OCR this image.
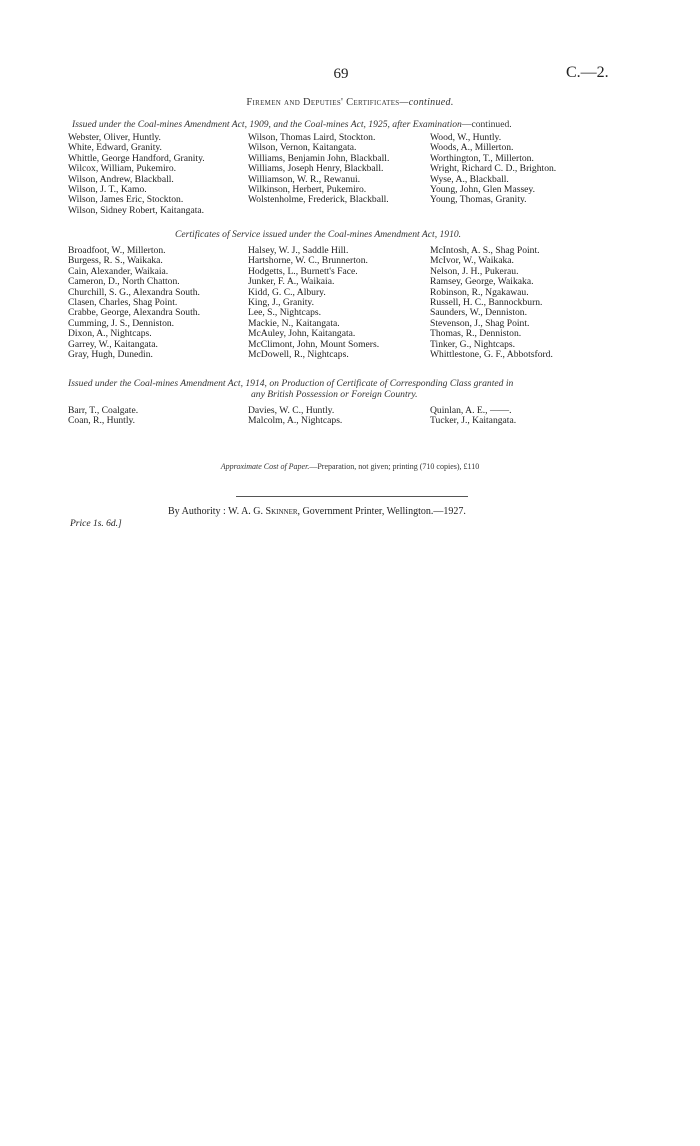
69	C.—2.
Firemen and Deputies' Certificates—continued.
Issued under the Coal-mines Amendment Act, 1909, and the Coal-mines Act, 1925, after Examination—continued.
Webster, Oliver, Huntly.
White, Edward, Granity.
Whittle, George Handford, Granity.
Wilcox, William, Pukemiro.
Wilson, Andrew, Blackball.
Wilson, J. T., Kamo.
Wilson, James Eric, Stockton.
Wilson, Sidney Robert, Kaitangata.
Wilson, Thomas Laird, Stockton.
Wilson, Vernon, Kaitangata.
Williams, Benjamin John, Blackball.
Williams, Joseph Henry, Blackball.
Williamson, W. R., Rewanui.
Wilkinson, Herbert, Pukemiro.
Wolstenholme, Frederick, Blackball.
Wood, W., Huntly.
Woods, A., Millerton.
Worthington, T., Millerton.
Wright, Richard C. D., Brighton.
Wyse, A., Blackball.
Young, John, Glen Massey.
Young, Thomas, Granity.
Certificates of Service issued under the Coal-mines Amendment Act, 1910.
Broadfoot, W., Millerton.
Burgess, R. S., Waikaka.
Cain, Alexander, Waikaia.
Cameron, D., North Chatton.
Churchill, S. G., Alexandra South.
Clasen, Charles, Shag Point.
Crabbe, George, Alexandra South.
Cumming, J. S., Denniston.
Dixon, A., Nightcaps.
Garrey, W., Kaitangata.
Gray, Hugh, Dunedin.
Halsey, W. J., Saddle Hill.
Hartshorne, W. C., Brunnerton.
Hodgetts, L., Burnett's Face.
Junker, F. A., Waikaia.
Kidd, G. C., Albury.
King, J., Granity.
Lee, S., Nightcaps.
Mackie, N., Kaitangata.
McAuley, John, Kaitangata.
McClimont, John, Mount Somers.
McDowell, R., Nightcaps.
McIntosh, A. S., Shag Point.
McIvor, W., Waikaka.
Nelson, J. H., Pukerau.
Ramsey, George, Waikaka.
Robinson, R., Ngakawau.
Russell, H. C., Bannockburn.
Saunders, W., Denniston.
Stevenson, J., Shag Point.
Thomas, R., Denniston.
Tinker, G., Nightcaps.
Whittlestone, G. F., Abbotsford.
Issued under the Coal-mines Amendment Act, 1914, on Production of Certificate of Corresponding Class granted in
any British Possession or Foreign Country.
Barr, T., Coalgate.
Coan, R., Huntly.
Davies, W. C., Huntly.
Malcolm, A., Nightcaps.
Quinlan, A. E., ——.
Tucker, J., Kaitangata.
Approximate Cost of Paper.—Preparation, not given; printing (710 copies), £110
By Authority : W. A. G. Skinner, Government Printer, Wellington.—1927.
Price 1s. 6d.]
